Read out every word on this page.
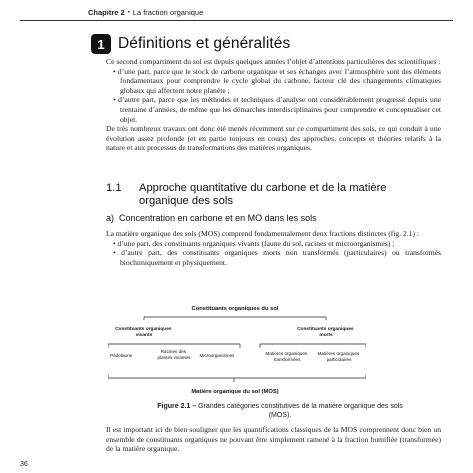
Chapitre 2 • La fraction organique
1 Définitions et généralités

Ce second compartiment du sol est depuis quelques années l’objet d’attentions particulières des scientifiques :

• d’une part, parce que le stock de carbone organique et ses échanges avec l’atmosphère sont des éléments fondamentaux pour comprendre le cycle global du carbone, facteur clé des changements climatiques globaux qui affectent notre planète ;

• d’autre part, parce que les méthodes et techniques d’analyse ont considérablement progressé depuis une trentaine d’années, de même que les démarches interdisciplinaires pour comprendre et conceptualiser cet objet.

De très nombreux travaux ont donc été menés récemment sur ce compartiment des sols, ce qui conduit à une évolution assez profonde (et en partie toujours en cours) des approches, concepts et théories relatifs à la nature et aux processus de transformations des matières organiques.

1.1	Approche quantitative du carbone et de la matière organique des sols
a) Concentration en carbone et en MO dans les sols

La matière organique des sols (MOS) comprend fondamentalement deux fractions distinctes (fig. 2.1) :

• d’une part, des constituants organiques vivants (faune du sol, racines et microorganismes) ;

• d’autre part, des constituants organiques morts non transformés (particulaires) ou transformés biochimiquement et physiquement.

Constituants organiques du sol
Constituants organiques vivants
Constituants organiques morts
Pédofaune
Racines des plantes vivantes Microorganismes	Matières organiques transformées
Matières organiques particulaires
Matière organique du sol (MOS)
Figure 2.1 – Grandes catégories constitutives de la matière organique des sols (MOS).

Il est important ici de bien souligner que les quantifications classiques de la MOS comprennent donc bien un ensemble de constituants organiques ne pouvant être simplement ramené à la fraction humifiée (transformée) de la matière organique.

36
